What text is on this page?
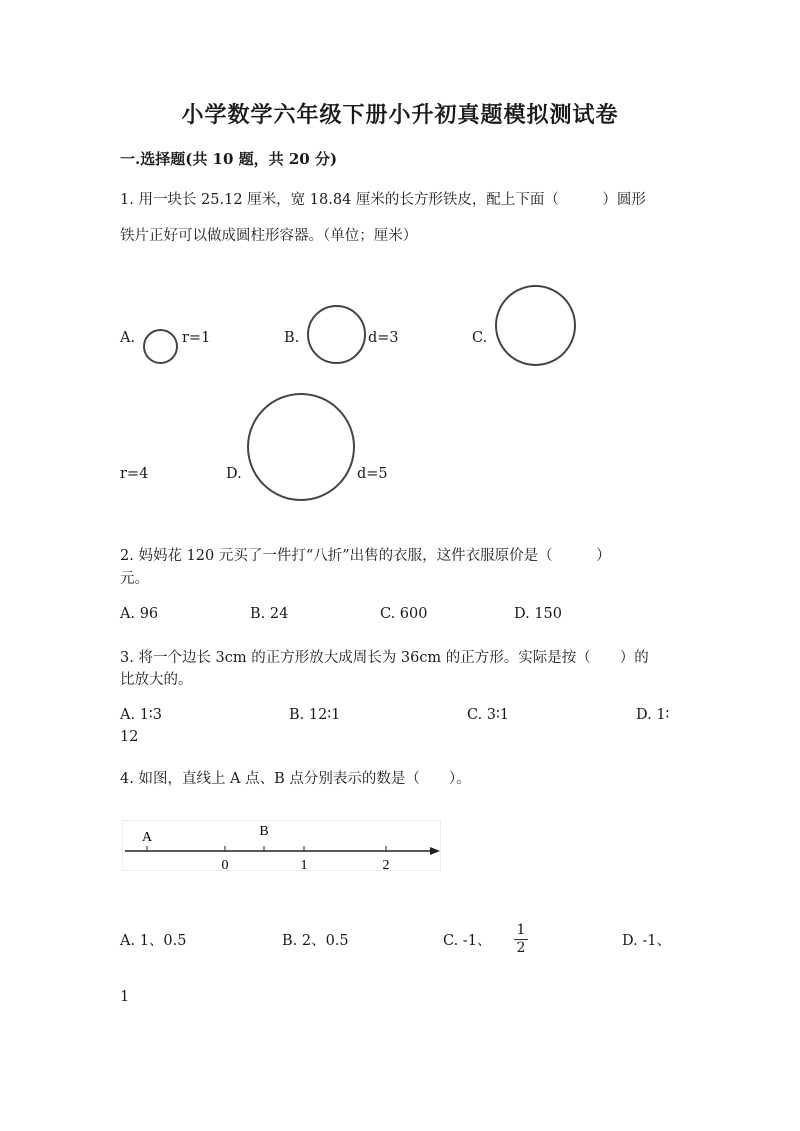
小学数学六年级下册小升初真题模拟测试卷
一.选择题(共 10 题，共 20 分)
1. 用一块长 25.12 厘米，宽 18.84 厘米的长方形铁皮，配上下面（　　　）圆形
铁片正好可以做成圆柱形容器。（单位；厘米）
A.	r=1	B.	d=3	C.
r=4	D.	d=5
2. 妈妈花 120 元买了一件打“八折”出售的衣服，这件衣服原价是（　　　）
元。
A. 96	B. 24	C. 600	D. 150
3. 将一个边长 3cm 的正方形放大成周长为 36cm 的正方形。实际是按（　　）的
比放大的。
A. 1∶3	B. 12∶1	C. 3∶1	D. 1∶
12
4. 如图，直线上 A 点、B 点分别表示的数是（　　）。
A	B
0	1	2
A. 1、0.5	B. 2、0.5	C. -1、
1
2	D. -1、
1
